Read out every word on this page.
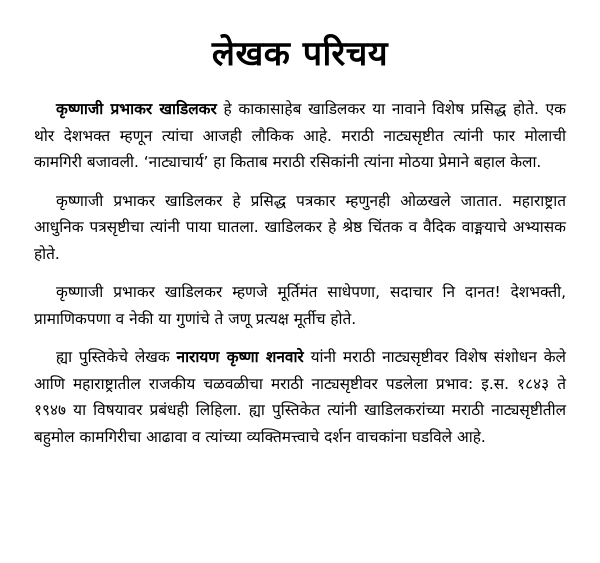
लेखक परिचय

कृष्णाजी प्रभाकर खाडिलकर हे काकासाहेब खाडिलकर या नावाने विशेष प्रसिद्ध होते. एक थोर देशभक्त म्हणून त्यांचा आजही लौकिक आहे. मराठी नाट्यसृष्टीत त्यांनी फार मोलाची कामगिरी बजावली. ‘नाट्याचार्य’ हा किताब मराठी रसिकांनी त्यांना मोठया प्रेमाने बहाल केला.

कृष्णाजी प्रभाकर खाडिलकर हे प्रसिद्ध पत्रकार म्हणुनही ओळखले जातात. महाराष्ट्रात आधुनिक पत्रसृष्टीचा त्यांनी पाया घातला. खाडिलकर हे श्रेष्ठ चिंतक व वैदिक वाङ्मयाचे अभ्यासक होते.

कृष्णाजी प्रभाकर खाडिलकर म्हणजे मूर्तिमंत साधेपणा, सदाचार नि दानत! देशभक्ती, प्रामाणिकपणा व नेकी या गुणांचे ते जणू प्रत्यक्ष मूर्तीच होते.

ह्या पुस्तिकेचे लेखक नारायण कृष्णा शनवारे यांनी मराठी नाट्यसृष्टीवर विशेष संशोधन केले आणि महाराष्ट्रातील राजकीय चळवळीचा मराठी नाट्यसृष्टीवर पडलेला प्रभाव: इ.स. १८४३ ते १९४७ या विषयावर प्रबंधही लिहिला. ह्या पुस्तिकेत त्यांनी खाडिलकरांच्या मराठी नाट्यसृष्टीतील बहुमोल कामगिरीचा आढावा व त्यांच्या व्यक्तिमत्त्वाचे दर्शन वाचकांना घडविले आहे.
